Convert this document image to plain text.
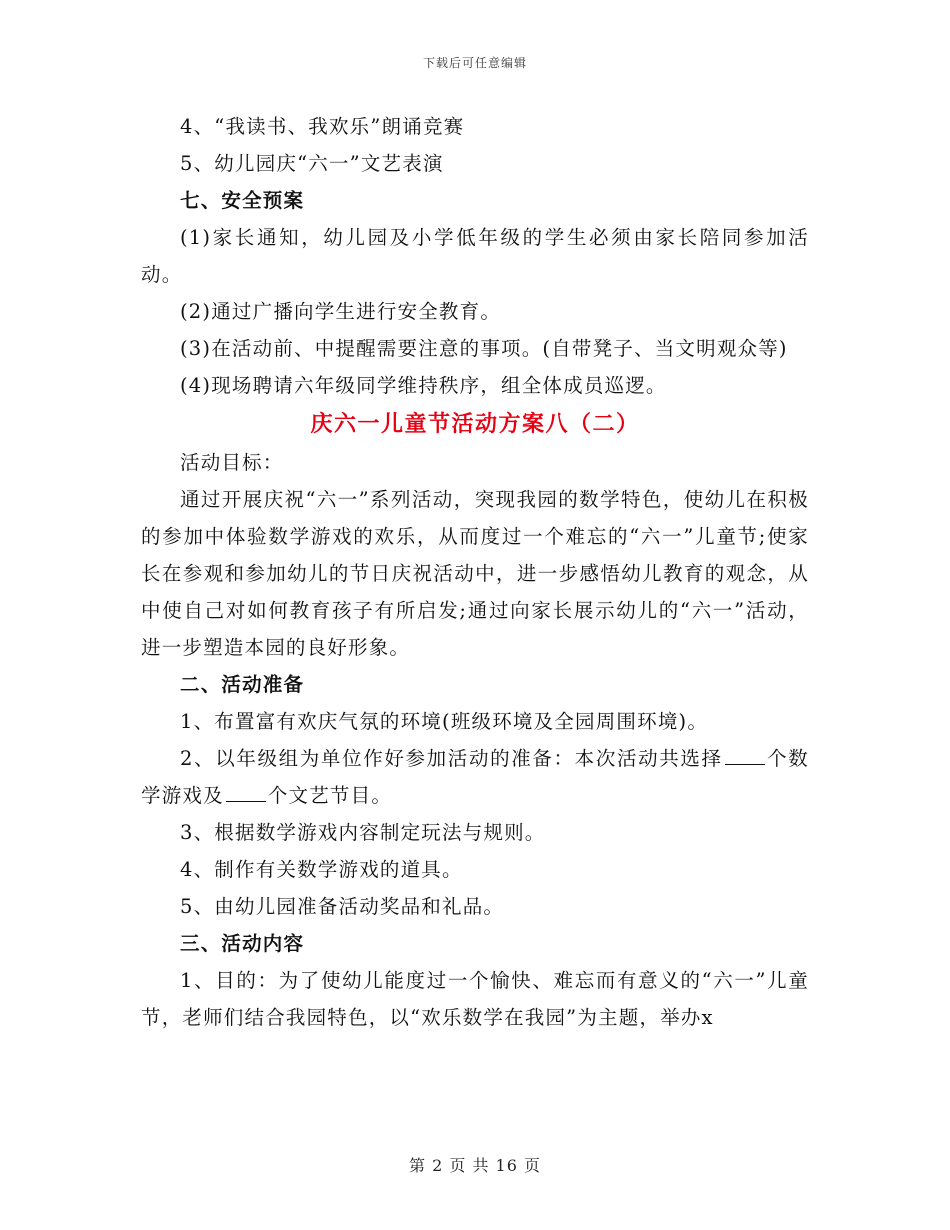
下载后可任意编辑

4、“我读书、我欢乐”朗诵竞赛

5、幼儿园庆“六一”文艺表演

七、安全预案

(1)家长通知，幼儿园及小学低年级的学生必须由家长陪同参加活动。

(2)通过广播向学生进行安全教育。

(3)在活动前、中提醒需要注意的事项。(自带凳子、当文明观众等)

(4)现场聘请六年级同学维持秩序，组全体成员巡逻。

庆六一儿童节活动方案八（二）

活动目标：

通过开展庆祝“六一”系列活动，突现我园的数学特色，使幼儿在积极的参加中体验数学游戏的欢乐，从而度过一个难忘的“六一”儿童节;使家长在参观和参加幼儿的节日庆祝活动中，进一步感悟幼儿教育的观念，从中使自己对如何教育孩子有所启发;通过向家长展示幼儿的“六一”活动，进一步塑造本园的良好形象。

二、活动准备

1、布置富有欢庆气氛的环境(班级环境及全园周围环境)。

2、以年级组为单位作好参加活动的准备：本次活动共选择 个数学游戏及 个文艺节目。

3、根据数学游戏内容制定玩法与规则。

4、制作有关数学游戏的道具。

5、由幼儿园准备活动奖品和礼品。

三、活动内容

1、目的：为了使幼儿能度过一个愉快、难忘而有意义的“六一”儿童节，老师们结合我园特色，以“欢乐数学在我园”为主题，举办x

第 2 页 共 16 页
